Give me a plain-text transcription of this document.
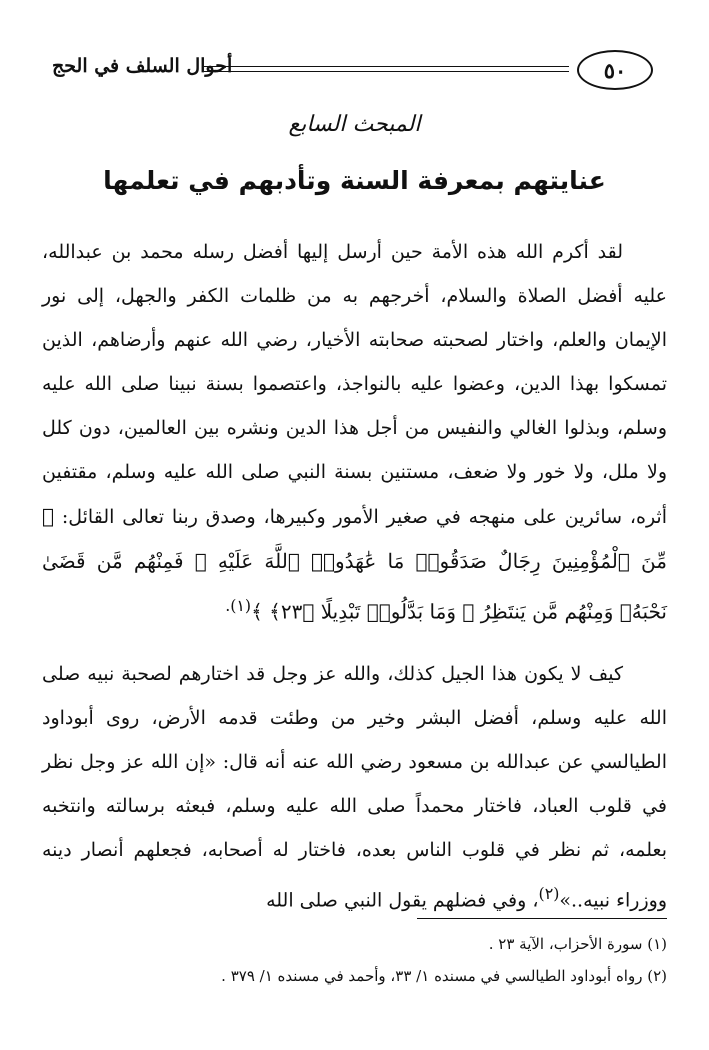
٥٠
أحوال السلف في الحج
المبحث السابع
عنايتهم بمعرفة السنة وتأدبهم في تعلمها
لقد أكرم الله هذه الأمة حين أرسل إليها أفضل رسله محمد بن عبدالله، عليه أفضل الصلاة والسلام، أخرجهم به من ظلمات الكفر والجهل، إلى نور الإيمان والعلم، واختار لصحبته صحابته الأخيار، رضي الله عنهم وأرضاهم، الذين تمسكوا بهذا الدين، وعضوا عليه بالنواجذ، واعتصموا بسنة نبينا صلى الله عليه وسلم، وبذلوا الغالي والنفيس من أجل هذا الدين ونشره بين العالمين، دون كلل ولا ملل، ولا خور ولا ضعف، مستنين بسنة النبي صلى الله عليه وسلم، مقتفين أثره، سائرين على منهجه في صغير الأمور وكبيرها، وصدق ربنا تعالى القائل: ﴿ مِّنَ ٱلْمُؤْمِنِينَ رِجَالٌ صَدَقُوا۟ مَا عَٰهَدُوا۟ ٱللَّهَ عَلَيْهِ ۖ فَمِنْهُم مَّن قَضَىٰ نَحْبَهُۥ وَمِنْهُم مَّن يَنتَظِرُ ۖ وَمَا بَدَّلُوا۟ تَبْدِيلًا ﴿٢٣﴾ ﴾$^{(١).}$
كيف لا يكون هذا الجيل كذلك، والله عز وجل قد اختارهم لصحبة نبيه صلى الله عليه وسلم، أفضل البشر وخير من وطئت قدمه الأرض، روى أبوداود الطيالسي عن عبدالله بن مسعود رضي الله عنه أنه قال: «إن الله عز وجل نظر في قلوب العباد، فاختار محمداً صلى الله عليه وسلم، فبعثه برسالته وانتخبه بعلمه، ثم نظر في قلوب الناس بعده، فاختار له أصحابه، فجعلهم أنصار دينه ووزراء نبيه..»$^{(٢)}$، وفي فضلهم يقول النبي صلى الله
(١) سورة الأحزاب، الآية ٢٣ .
(٢) رواه أبوداود الطيالسي في مسنده ١/ ٣٣، وأحمد في مسنده ١/ ٣٧٩ .
